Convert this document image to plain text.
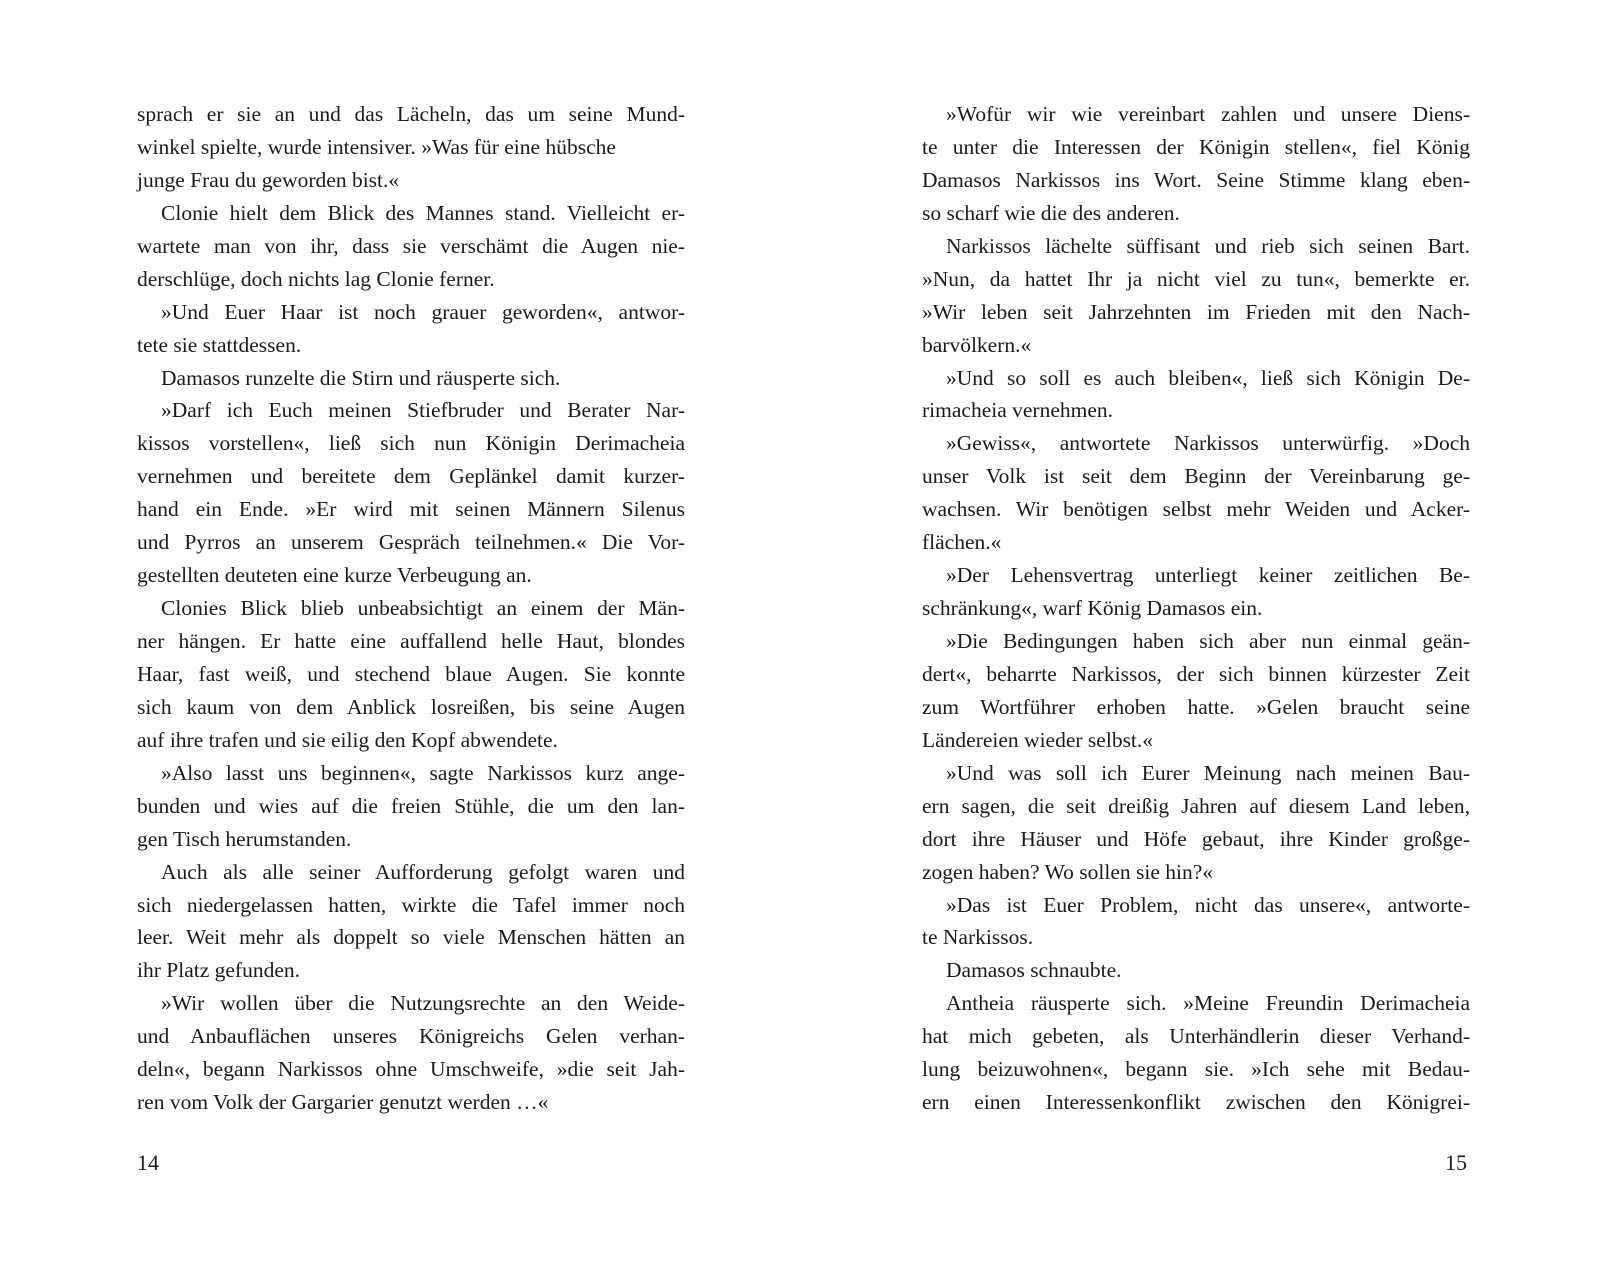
sprach er sie an und das Lächeln, das um seine Mund-
winkel spielte, wurde intensiver. »Was für eine hübsche
junge Frau du geworden bist.«
Clonie hielt dem Blick des Mannes stand. Vielleicht er-
wartete man von ihr, dass sie verschämt die Augen nie-
derschlüge, doch nichts lag Clonie ferner.
»Und Euer Haar ist noch grauer geworden«, antwor-
tete sie stattdessen.
Damasos runzelte die Stirn und räusperte sich.
»Darf ich Euch meinen Stiefbruder und Berater Nar-
kissos vorstellen«, ließ sich nun Königin Derimacheia
vernehmen und bereitete dem Geplänkel damit kurzer-
hand ein Ende. »Er wird mit seinen Männern Silenus
und Pyrros an unserem Gespräch teilnehmen.« Die Vor-
gestellten deuteten eine kurze Verbeugung an.
Clonies Blick blieb unbeabsichtigt an einem der Män-
ner hängen. Er hatte eine auffallend helle Haut, blondes
Haar, fast weiß, und stechend blaue Augen. Sie konnte
sich kaum von dem Anblick losreißen, bis seine Augen
auf ihre trafen und sie eilig den Kopf abwendete.
»Also lasst uns beginnen«, sagte Narkissos kurz ange-
bunden und wies auf die freien Stühle, die um den lan-
gen Tisch herumstanden.
Auch als alle seiner Aufforderung gefolgt waren und
sich niedergelassen hatten, wirkte die Tafel immer noch
leer. Weit mehr als doppelt so viele Menschen hätten an
ihr Platz gefunden.
»Wir wollen über die Nutzungsrechte an den Weide-
und Anbauflächen unseres Königreichs Gelen verhan-
deln«, begann Narkissos ohne Umschweife, »die seit Jah-
ren vom Volk der Gargarier genutzt werden …«
»Wofür wir wie vereinbart zahlen und unsere Diens-
te unter die Interessen der Königin stellen«, fiel König
Damasos Narkissos ins Wort. Seine Stimme klang eben-
so scharf wie die des anderen.
Narkissos lächelte süffisant und rieb sich seinen Bart.
»Nun, da hattet Ihr ja nicht viel zu tun«, bemerkte er.
»Wir leben seit Jahrzehnten im Frieden mit den Nach-
barvölkern.«
»Und so soll es auch bleiben«, ließ sich Königin De-
rimacheia vernehmen.
»Gewiss«, antwortete Narkissos unterwürfig. »Doch
unser Volk ist seit dem Beginn der Vereinbarung ge-
wachsen. Wir benötigen selbst mehr Weiden und Acker-
flächen.«
»Der Lehensvertrag unterliegt keiner zeitlichen Be-
schränkung«, warf König Damasos ein.
»Die Bedingungen haben sich aber nun einmal geän-
dert«, beharrte Narkissos, der sich binnen kürzester Zeit
zum Wortführer erhoben hatte. »Gelen braucht seine
Ländereien wieder selbst.«
»Und was soll ich Eurer Meinung nach meinen Bau-
ern sagen, die seit dreißig Jahren auf diesem Land leben,
dort ihre Häuser und Höfe gebaut, ihre Kinder großge-
zogen haben? Wo sollen sie hin?«
»Das ist Euer Problem, nicht das unsere«, antworte-
te Narkissos.
Damasos schnaubte.
Antheia räusperte sich. »Meine Freundin Derimacheia
hat mich gebeten, als Unterhändlerin dieser Verhand-
lung beizuwohnen«, begann sie. »Ich sehe mit Bedau-
ern einen Interessenkonflikt zwischen den Königrei-
14	15
